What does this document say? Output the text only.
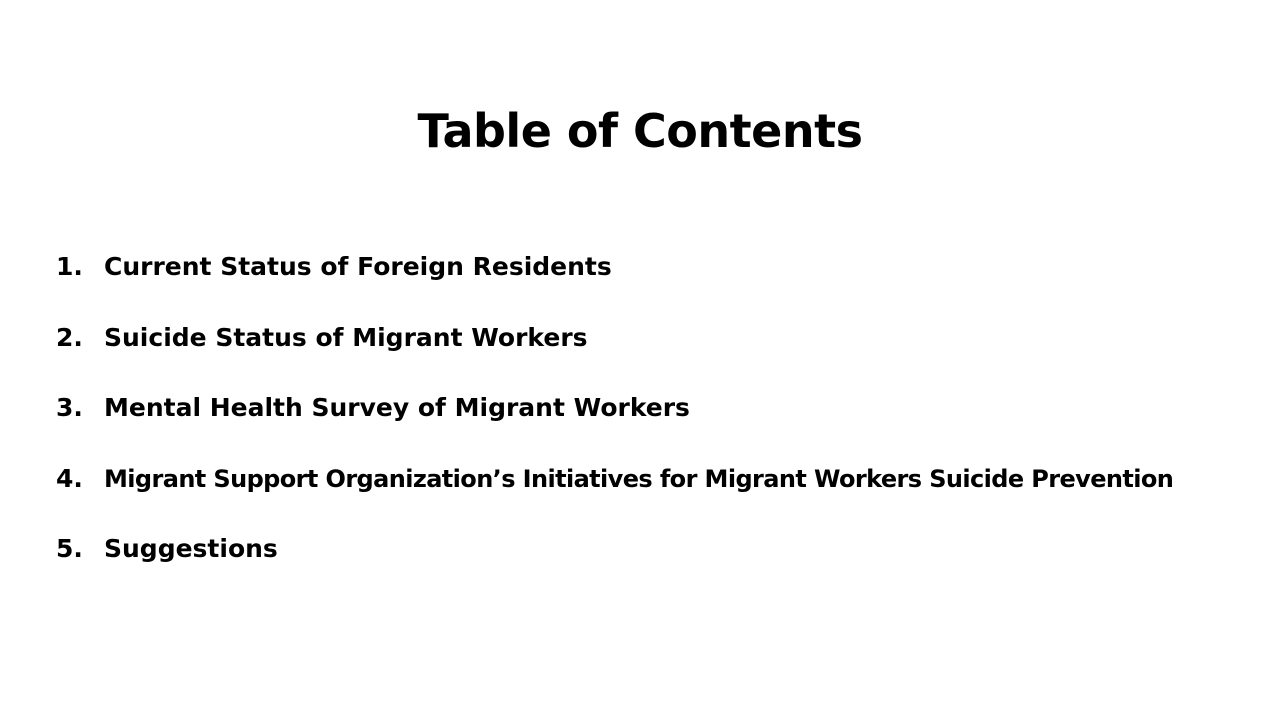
Table of Contents
1. Current Status of Foreign Residents
2. Suicide Status of Migrant Workers
3. Mental Health Survey of Migrant Workers
4. Migrant Support Organization’s Initiatives for Migrant Workers Suicide Prevention
5. Suggestions
